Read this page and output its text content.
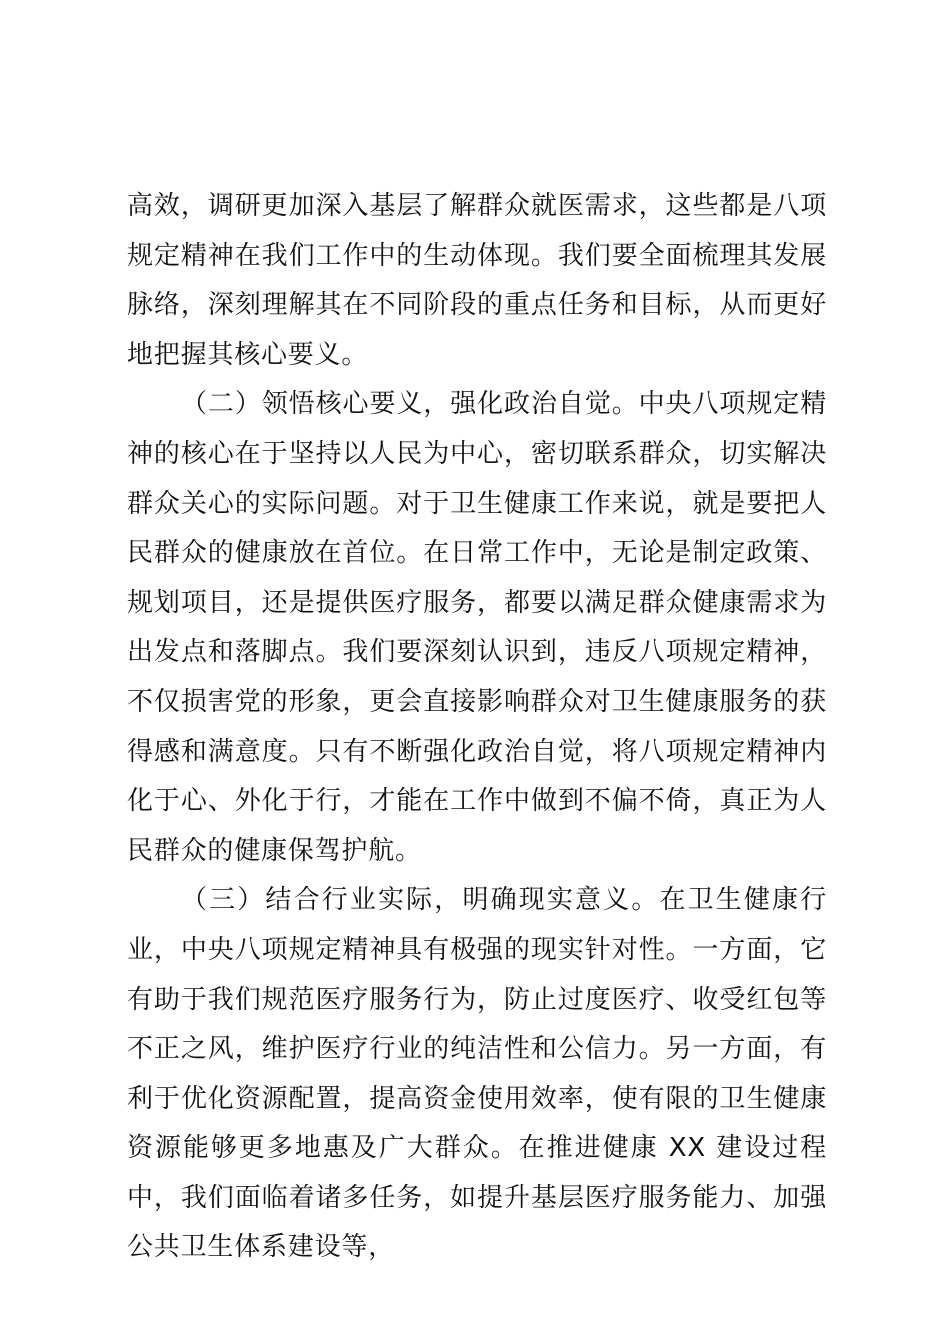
高效，调研更加深入基层了解群众就医需求，这些都是八项规定精神在我们工作中的生动体现。我们要全面梳理其发展脉络，深刻理解其在不同阶段的重点任务和目标，从而更好地把握其核心要义。

（二）领悟核心要义，强化政治自觉。中央八项规定精神的核心在于坚持以人民为中心，密切联系群众，切实解决群众关心的实际问题。对于卫生健康工作来说，就是要把人民群众的健康放在首位。在日常工作中，无论是制定政策、规划项目，还是提供医疗服务，都要以满足群众健康需求为出发点和落脚点。我们要深刻认识到，违反八项规定精神，不仅损害党的形象，更会直接影响群众对卫生健康服务的获得感和满意度。只有不断强化政治自觉，将八项规定精神内化于心、外化于行，才能在工作中做到不偏不倚，真正为人民群众的健康保驾护航。

（三）结合行业实际，明确现实意义。在卫生健康行业，中央八项规定精神具有极强的现实针对性。一方面，它有助于我们规范医疗服务行为，防止过度医疗、收受红包等不正之风，维护医疗行业的纯洁性和公信力。另一方面，有利于优化资源配置，提高资金使用效率，使有限的卫生健康资源能够更多地惠及广大群众。在推进健康 XX 建设过程中，我们面临着诸多任务，如提升基层医疗服务能力、加强公共卫生体系建设等，
